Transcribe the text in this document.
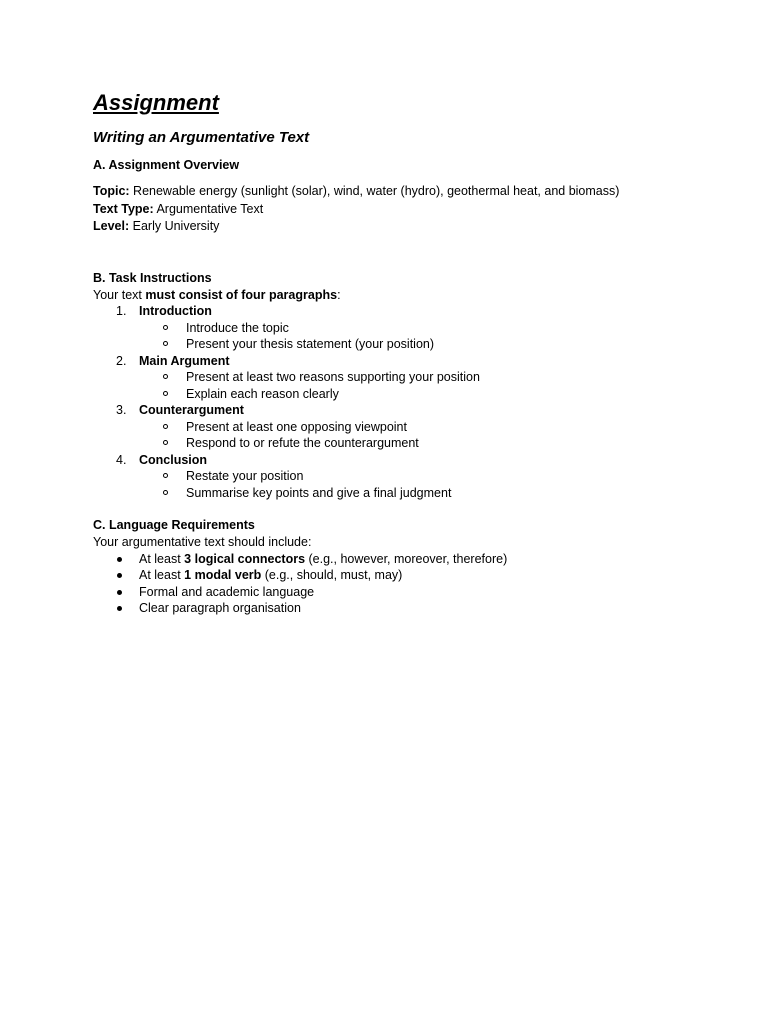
Assignment
Writing an Argumentative Text
A. Assignment Overview
Topic: Renewable energy (sunlight (solar), wind, water (hydro), geothermal heat, and biomass)
Text Type: Argumentative Text
Level: Early University
B. Task Instructions
Your text must consist of four paragraphs:
1. Introduction
Introduce the topic
Present your thesis statement (your position)
2. Main Argument
Present at least two reasons supporting your position
Explain each reason clearly
3. Counterargument
Present at least one opposing viewpoint
Respond to or refute the counterargument
4. Conclusion
Restate your position
Summarise key points and give a final judgment
C. Language Requirements
Your argumentative text should include:
At least 3 logical connectors (e.g., however, moreover, therefore)
At least 1 modal verb (e.g., should, must, may)
Formal and academic language
Clear paragraph organisation
